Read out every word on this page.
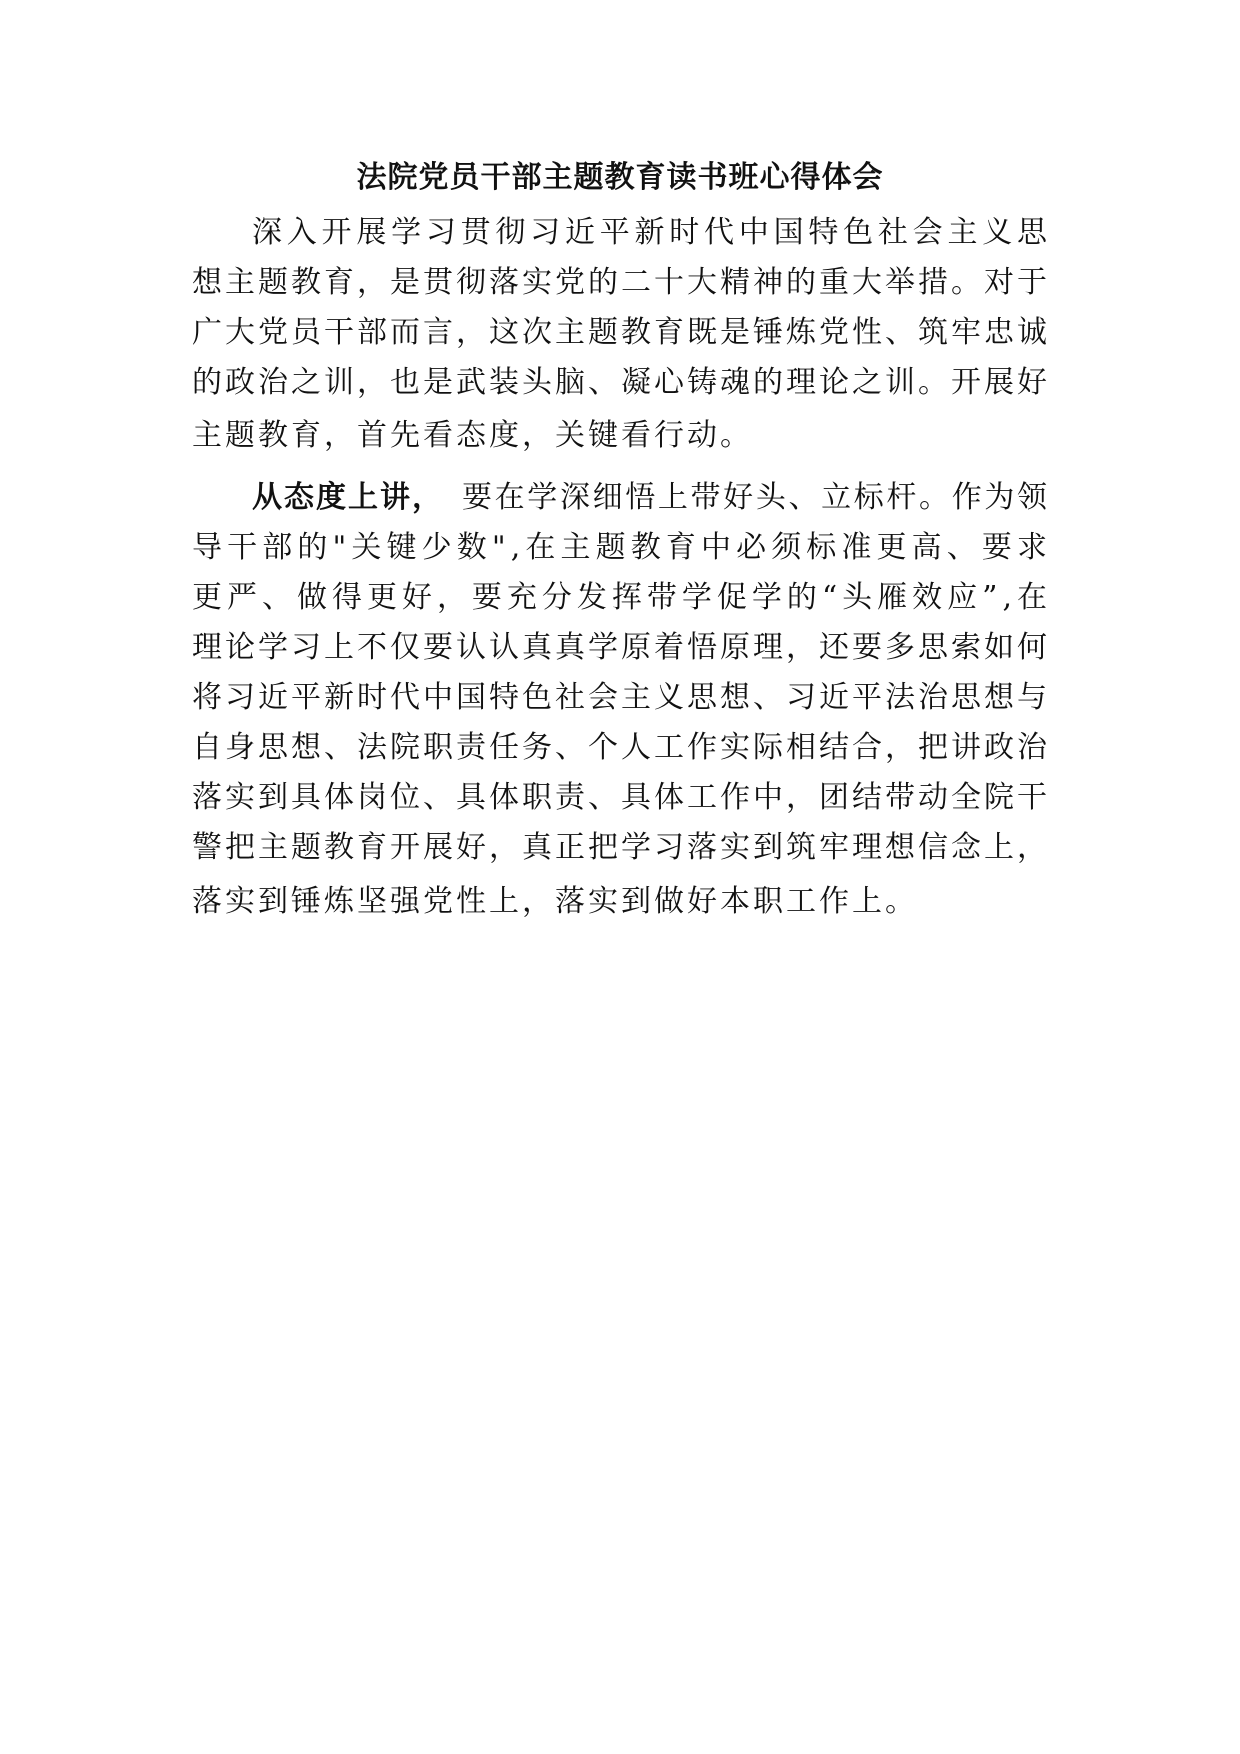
法院党员干部主题教育读书班心得体会
深入开展学习贯彻习近平新时代中国特色社会主义思
想主题教育，是贯彻落实党的二十大精神的重大举措。对于
广大党员干部而言，这次主题教育既是锤炼党性、筑牢忠诚
的政治之训，也是武装头脑、凝心铸魂的理论之训。开展好
主题教育，首先看态度，关键看行动。
从态度上讲， 要在学深细悟上带好头、立标杆。作为领
导干部的"关键少数",在主题教育中必须标准更高、要求
更严、做得更好，要充分发挥带学促学的“头雁效应”,在
理论学习上不仅要认认真真学原着悟原理，还要多思索如何
将习近平新时代中国特色社会主义思想、习近平法治思想与
自身思想、法院职责任务、个人工作实际相结合，把讲政治
落实到具体岗位、具体职责、具体工作中，团结带动全院干
警把主题教育开展好，真正把学习落实到筑牢理想信念上，
落实到锤炼坚强党性上，落实到做好本职工作上。
